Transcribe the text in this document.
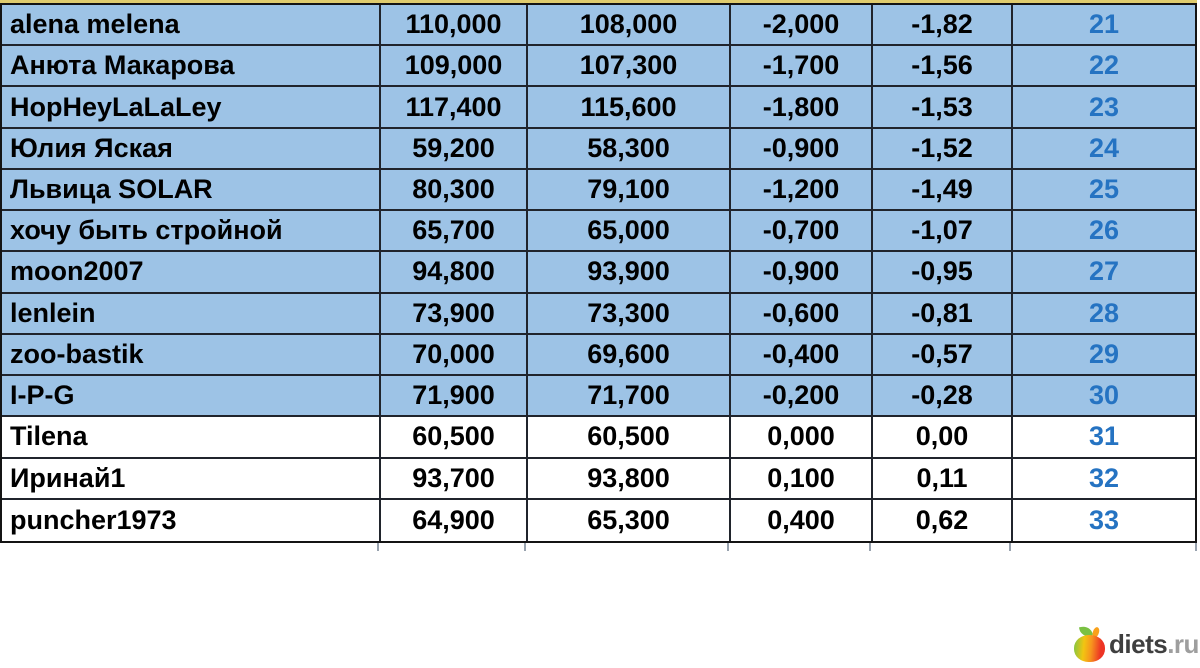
alena melena	110,000	108,000	-2,000	-1,82	21
Анюта Макарова	109,000	107,300	-1,700	-1,56	22
HopHeyLaLaLey	117,400	115,600	-1,800	-1,53	23
Юлия Яская	59,200	58,300	-0,900	-1,52	24
Львица SOLAR	80,300	79,100	-1,200	-1,49	25
хочу быть стройной	65,700	65,000	-0,700	-1,07	26
moon2007	94,800	93,900	-0,900	-0,95	27
lenlein	73,900	73,300	-0,600	-0,81	28
zoo-bastik	70,000	69,600	-0,400	-0,57	29
I-P-G	71,900	71,700	-0,200	-0,28	30
Tilena	60,500	60,500	0,000	0,00	31
Иринай1	93,700	93,800	0,100	0,11	32
puncher1973	64,900	65,300	0,400	0,62	33
diets .ru
